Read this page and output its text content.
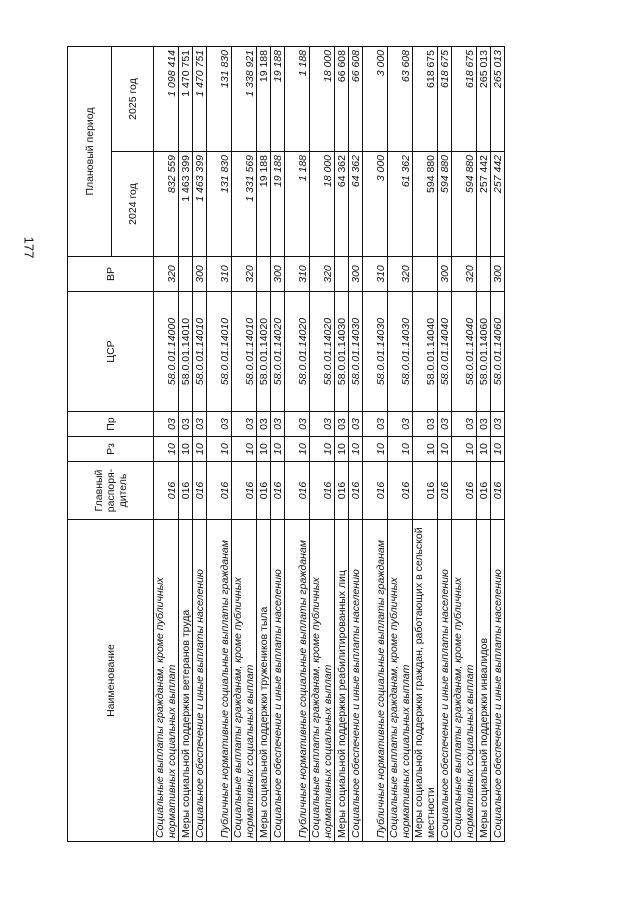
177
Наименование	Главный распоря-дитель	Рз	Пр	ЦСР	ВР	Плановый период	
						2024 год	2025 год
Социальные выплаты гражданам, кроме публичных нормативных социальных выплат	016	10	03	58.0.01.14000	320	832 559	1 098 414
Меры социальной поддержки ветеранов труда	016	10	03	58.0.01.14010		1 463 399	1 470 751
Социальное обеспечение и иные выплаты населению	016	10	03	58.0.01.14010	300	1 463 399	1 470 751
Публичные нормативные социальные выплаты гражданам	016	10	03	58.0.01.14010	310	131 830	131 830
Социальные выплаты гражданам, кроме публичных нормативных социальных выплат	016	10	03	58.0.01.14010	320	1 331 569	1 338 921
Меры социальной поддержки тружеников тыла	016	10	03	58.0.01.14020		19 188	19 188
Социальное обеспечение и иные выплаты населению	016	10	03	58.0.01.14020	300	19 188	19 188
Публичные нормативные социальные выплаты гражданам	016	10	03	58.0.01.14020	310	1 188	1 188
Социальные выплаты гражданам, кроме публичных нормативных социальных выплат	016	10	03	58.0.01.14020	320	18 000	18 000
Меры социальной поддержки реабилитированных лиц	016	10	03	58.0.01.14030		64 362	66 608
Социальное обеспечение и иные выплаты населению	016	10	03	58.0.01.14030	300	64 362	66 608
Публичные нормативные социальные выплаты гражданам	016	10	03	58.0.01.14030	310	3 000	3 000
Социальные выплаты гражданам, кроме публичных нормативных социальных выплат	016	10	03	58.0.01.14030	320	61 362	63 608
Меры социальной поддержки граждан, работающих в сельской местности	016	10	03	58.0.01.14040		594 880	618 675
Социальное обеспечение и иные выплаты населению	016	10	03	58.0.01.14040	300	594 880	618 675
Социальные выплаты гражданам, кроме публичных нормативных социальных выплат	016	10	03	58.0.01.14040	320	594 880	618 675
Меры социальной поддержки инвалидов	016	10	03	58.0.01.14060		257 442	265 013
Социальное обеспечение и иные выплаты населению	016	10	03	58.0.01.14060	300	257 442	265 013
